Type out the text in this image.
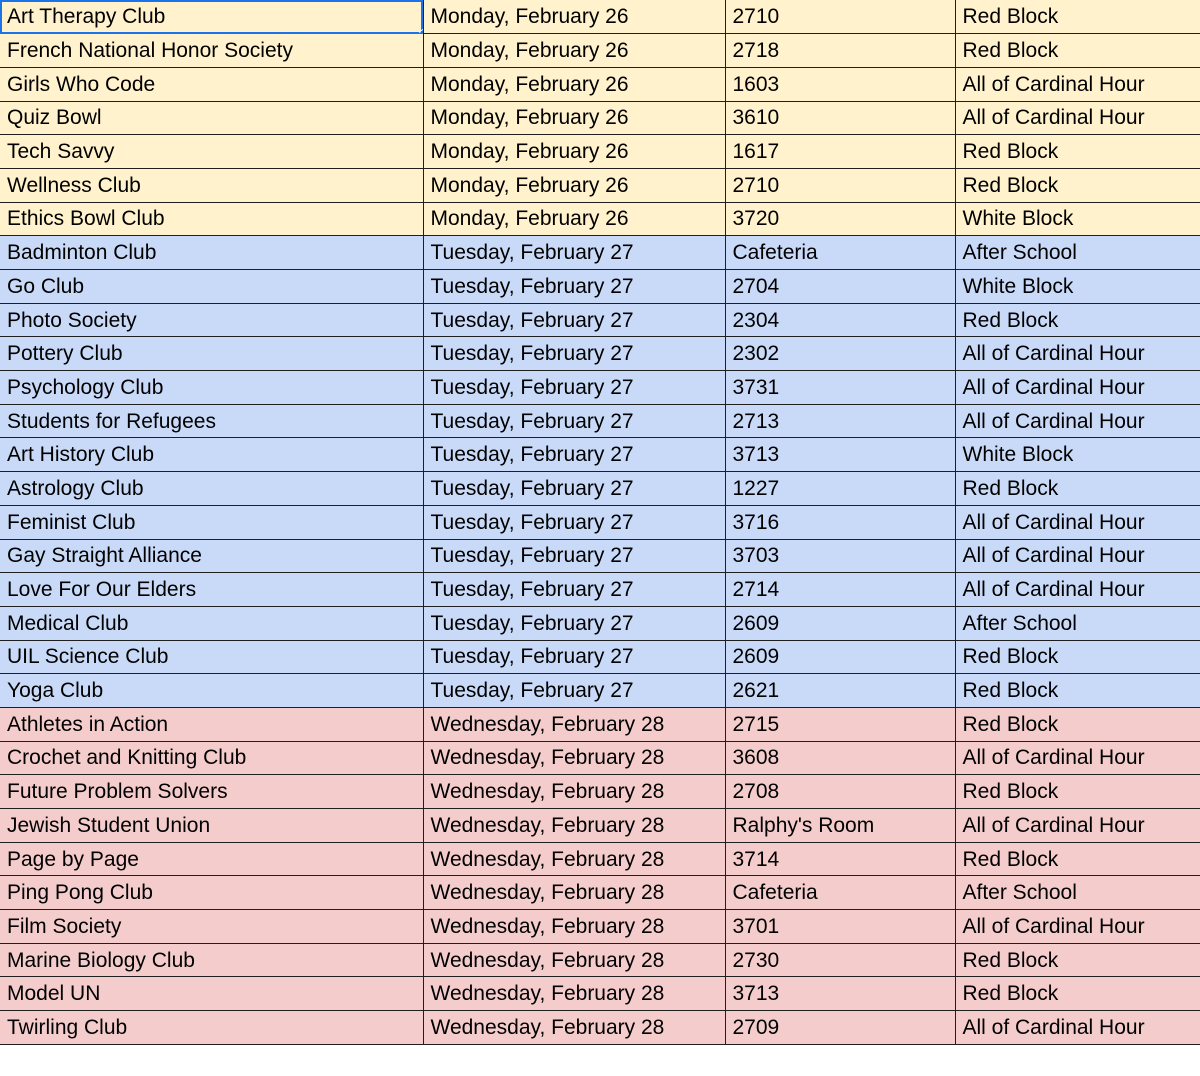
Art Therapy Club	Monday, February 26	2710	Red Block
French National Honor Society	Monday, February 26	2718	Red Block
Girls Who Code	Monday, February 26	1603	All of Cardinal Hour
Quiz Bowl	Monday, February 26	3610	All of Cardinal Hour
Tech Savvy	Monday, February 26	1617	Red Block
Wellness Club	Monday, February 26	2710	Red Block
Ethics Bowl Club	Monday, February 26	3720	White Block
Badminton Club	Tuesday, February 27	Cafeteria	After School
Go Club	Tuesday, February 27	2704	White Block
Photo Society	Tuesday, February 27	2304	Red Block
Pottery Club	Tuesday, February 27	2302	All of Cardinal Hour
Psychology Club	Tuesday, February 27	3731	All of Cardinal Hour
Students for Refugees	Tuesday, February 27	2713	All of Cardinal Hour
Art History Club	Tuesday, February 27	3713	White Block
Astrology Club	Tuesday, February 27	1227	Red Block
Feminist Club	Tuesday, February 27	3716	All of Cardinal Hour
Gay Straight Alliance	Tuesday, February 27	3703	All of Cardinal Hour
Love For Our Elders	Tuesday, February 27	2714	All of Cardinal Hour
Medical Club	Tuesday, February 27	2609	After School
UIL Science Club	Tuesday, February 27	2609	Red Block
Yoga Club	Tuesday, February 27	2621	Red Block
Athletes in Action	Wednesday, February 28	2715	Red Block
Crochet and Knitting Club	Wednesday, February 28	3608	All of Cardinal Hour
Future Problem Solvers	Wednesday, February 28	2708	Red Block
Jewish Student Union	Wednesday, February 28	Ralphy's Room	All of Cardinal Hour
Page by Page	Wednesday, February 28	3714	Red Block
Ping Pong Club	Wednesday, February 28	Cafeteria	After School
Film Society	Wednesday, February 28	3701	All of Cardinal Hour
Marine Biology Club	Wednesday, February 28	2730	Red Block
Model UN	Wednesday, February 28	3713	Red Block
Twirling Club	Wednesday, February 28	2709	All of Cardinal Hour
